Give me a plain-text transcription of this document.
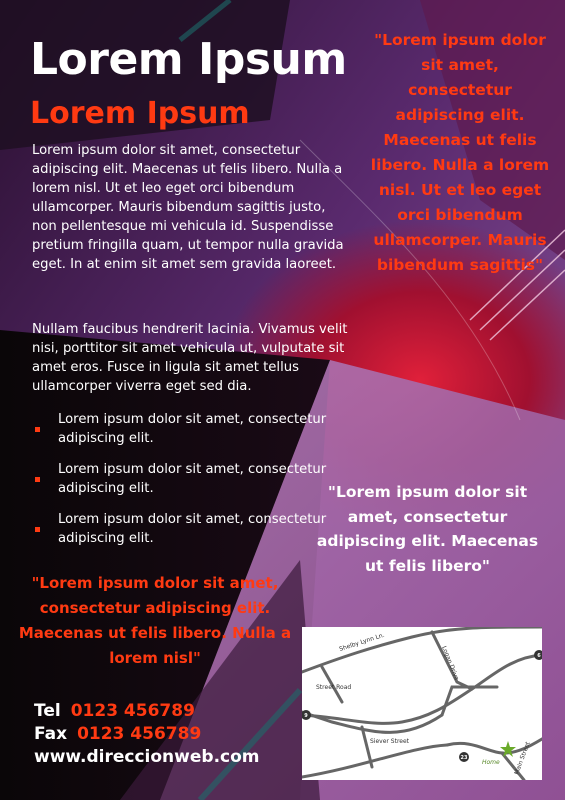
Lorem Ipsum
Lorem Ipsum

Lorem ipsum dolor sit amet, consectetur adipiscing elit. Maecenas ut felis libero. Nulla a lorem nisl. Ut et leo eget orci bibendum ullamcorper. Mauris bibendum sagittis justo, non pellentesque mi vehicula id. Suspendisse pretium fringilla quam, ut tempor nulla gravida eget. In at enim sit amet sem gravida laoreet.

Nullam faucibus hendrerit lacinia. Vivamus velit nisi, porttitor sit amet vehicula ut, vulputate sit amet eros. Fusce in ligula sit amet tellus ullamcorper viverra eget sed dia.

Lorem ipsum dolor sit amet, consectetur adipiscing elit.
Lorem ipsum dolor sit amet, consectetur adipiscing elit.
Lorem ipsum dolor sit amet, consectetur adipiscing elit.

"Lorem ipsum dolor sit amet, consectetur adipiscing elit. Maecenas ut felis libero. Nulla a lorem nisl. Ut et leo eget orci bibendum ullamcorper. Mauris bibendum sagittis"

"Lorem ipsum dolor sit amet, consectetur adipiscing elit. Maecenas ut felis libero"

"Lorem ipsum dolor sit amet, consectetur adipiscing elit. Maecenas ut felis libero. Nulla a lorem nisl"

Tel 0123 456789
Fax 0123 456789
www.direccionweb.com
Shelby Lynn Ln.
Logan Drive
Street Road
Siever Street	Main Street
Home
6
9
23
